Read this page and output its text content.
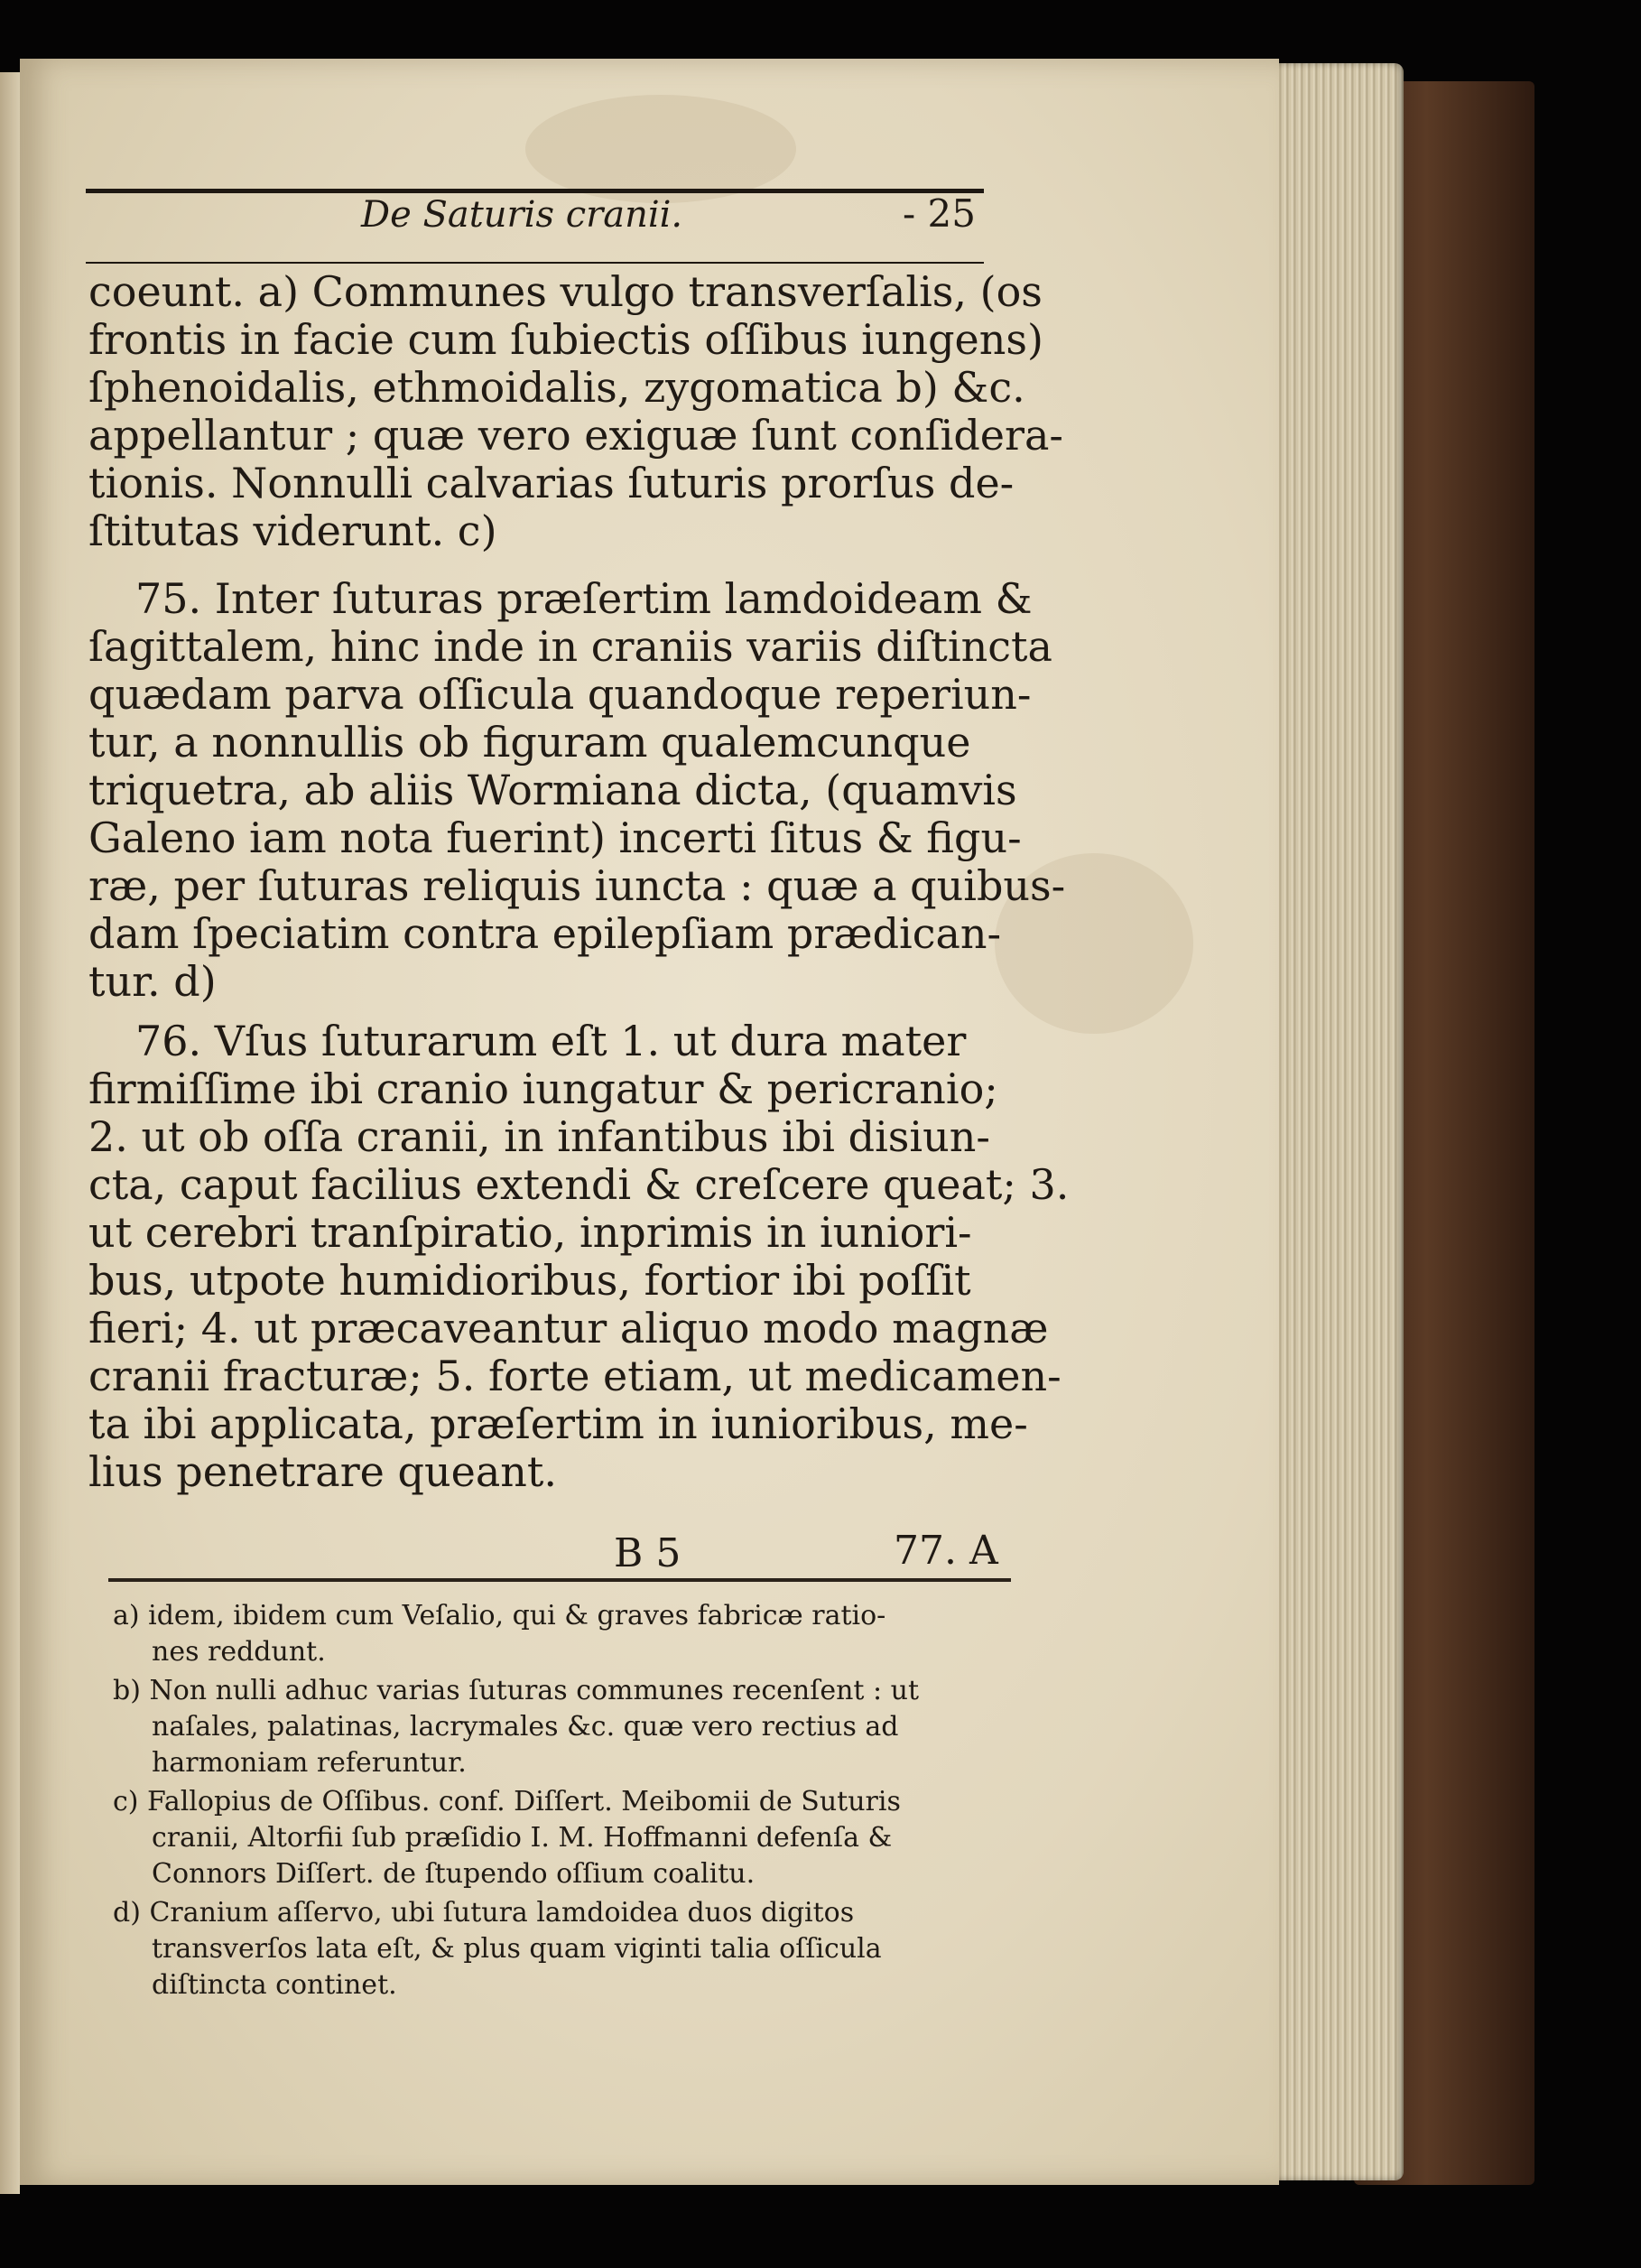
De Saturis cranii.	- 25
coeunt. a) Communes vulgo transverſalis, (os
frontis in facie cum ſubiectis oſſibus iungens)
ſphenoidalis, ethmoidalis, zygomatica b) &c.
appellantur ; quæ vero exiguæ ſunt conſidera-
tionis. Nonnulli calvarias ſuturis prorſus de-
ſtitutas viderunt. c)
75. Inter ſuturas præſertim lamdoideam &
ſagittalem, hinc inde in craniis variis diſtincta
quædam parva oſſicula quandoque reperiun-
tur, a nonnullis ob figuram qualemcunque
triquetra, ab aliis Wormiana dicta, (quamvis
Galeno iam nota fuerint) incerti ſitus & figu-
ræ, per ſuturas reliquis iuncta : quæ a quibus-
dam ſpeciatim contra epilepſiam prædican-
tur. d)
76. Vſus ſuturarum eſt 1. ut dura mater
firmiſſime ibi cranio iungatur & pericranio;
2. ut ob oſſa cranii, in infantibus ibi disiun-
cta, caput facilius extendi & creſcere queat; 3.
ut cerebri tranſpiratio, inprimis in iuniori-
bus, utpote humidioribus, fortior ibi poſſit
fieri; 4. ut præcaveantur aliquo modo magnæ
cranii fracturæ; 5. forte etiam, ut medicamen-
ta ibi applicata, præſertim in iunioribus, me-
lius penetrare queant.
B 5	77. A
a) idem, ibidem cum Veſalio, qui & graves fabricæ ratio-
nes reddunt.
b) Non nulli adhuc varias ſuturas communes recenſent : ut
naſales, palatinas, lacrymales &c. quæ vero rectius ad
harmoniam referuntur.
c) Fallopius de Oſſibus. conf. Diſſert. Meibomii de Suturis
cranii, Altorfii ſub præſidio I. M. Hoffmanni defenſa &
Connors Diſſert. de ſtupendo oſſium coalitu.
d) Cranium aſſervo, ubi ſutura lamdoidea duos digitos
transverſos lata eſt, & plus quam viginti talia oſſicula
diſtincta continet.
